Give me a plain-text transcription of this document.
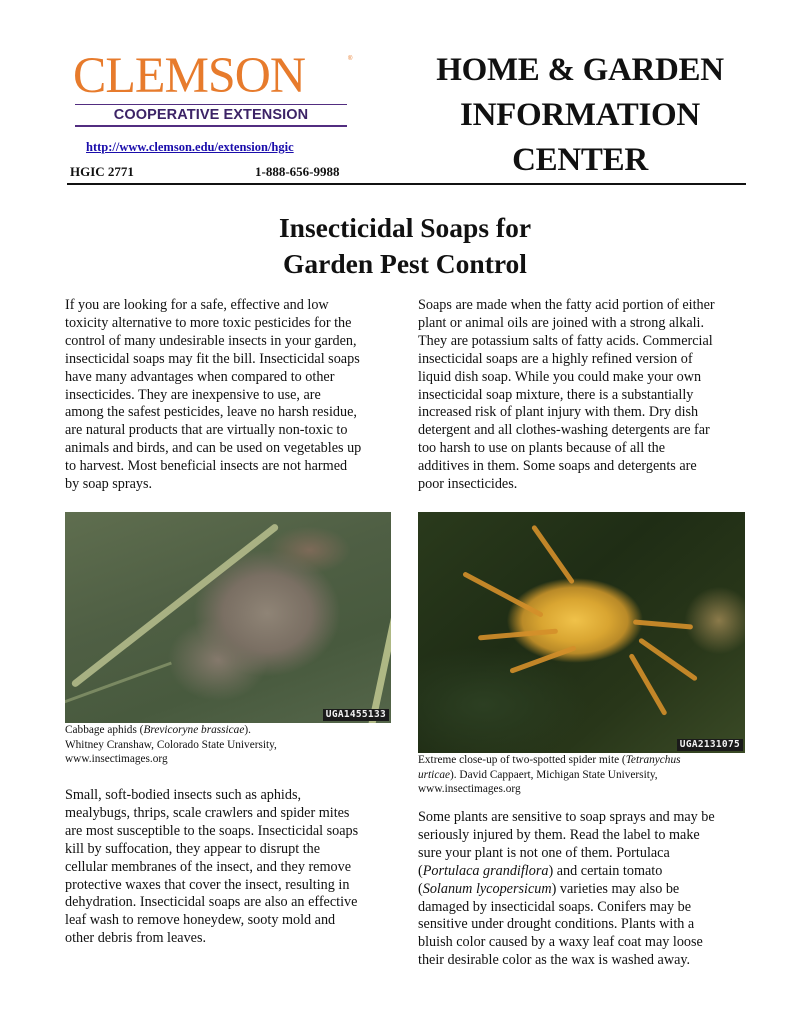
CLEMSON	®
COOPERATIVE EXTENSION
http://www.clemson.edu/extension/hgic
HGIC 2771	1-888-656-9988
HOME & GARDEN
INFORMATION
CENTER
Insecticidal Soaps for
Garden Pest Control
If you are looking for a safe, effective and low
toxicity alternative to more toxic pesticides for the
control of many undesirable insects in your garden,
insecticidal soaps may fit the bill. Insecticidal soaps
have many advantages when compared to other
insecticides. They are inexpensive to use, are
among the safest pesticides, leave no harsh residue,
are natural products that are virtually non-toxic to
animals and birds, and can be used on vegetables up
to harvest. Most beneficial insects are not harmed
by soap sprays.
UGA1455133
Cabbage aphids (Brevicoryne brassicae).
Whitney Cranshaw, Colorado State University,
www.insectimages.org
Small, soft-bodied insects such as aphids,
mealybugs, thrips, scale crawlers and spider mites
are most susceptible to the soaps. Insecticidal soaps
kill by suffocation, they appear to disrupt the
cellular membranes of the insect, and they remove
protective waxes that cover the insect, resulting in
dehydration. Insecticidal soaps are also an effective
leaf wash to remove honeydew, sooty mold and
other debris from leaves.
Soaps are made when the fatty acid portion of either
plant or animal oils are joined with a strong alkali.
They are potassium salts of fatty acids. Commercial
insecticidal soaps are a highly refined version of
liquid dish soap. While you could make your own
insecticidal soap mixture, there is a substantially
increased risk of plant injury with them. Dry dish
detergent and all clothes-washing detergents are far
too harsh to use on plants because of all the
additives in them. Some soaps and detergents are
poor insecticides.
UGA2131075
Extreme close-up of two-spotted spider mite (Tetranychus
urticae). David Cappaert, Michigan State University,
www.insectimages.org
Some plants are sensitive to soap sprays and may be
seriously injured by them. Read the label to make
sure your plant is not one of them. Portulaca
(Portulaca grandiflora) and certain tomato
(Solanum lycopersicum) varieties may also be
damaged by insecticidal soaps. Conifers may be
sensitive under drought conditions. Plants with a
bluish color caused by a waxy leaf coat may loose
their desirable color as the wax is washed away.
